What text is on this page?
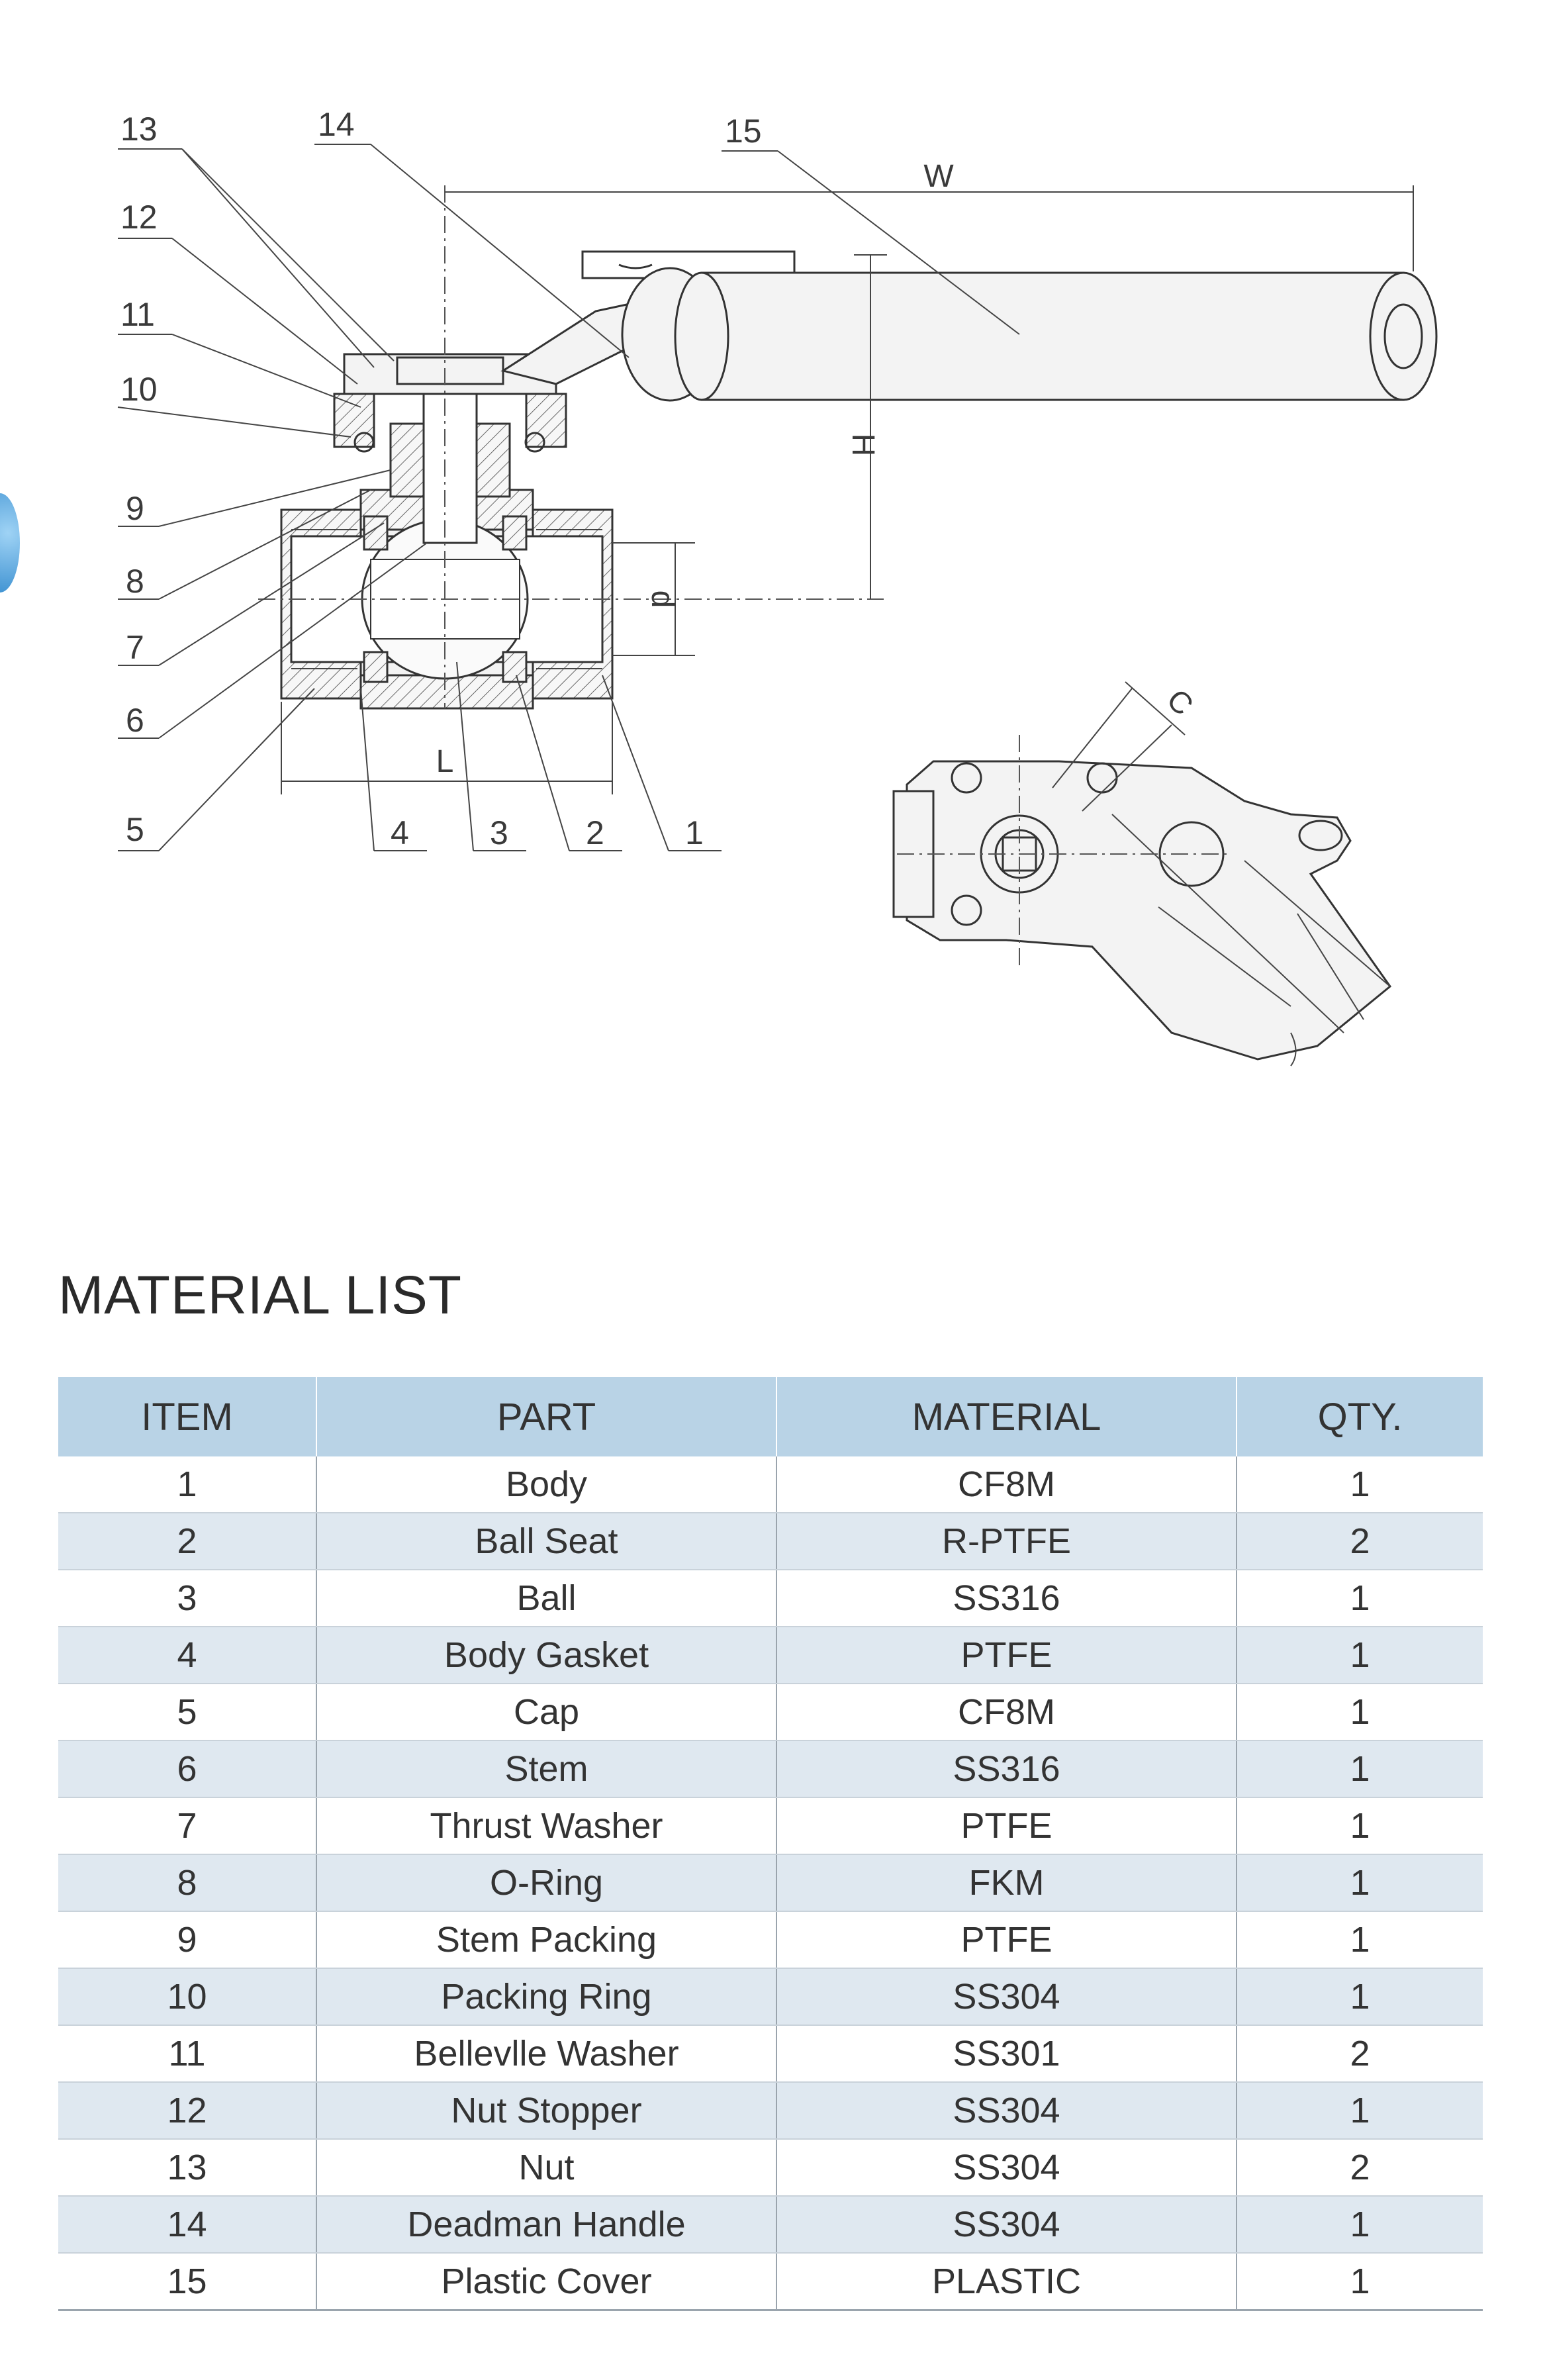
W
H
d
L
13	14	15
12
11
10
9
8
7
6
5	4 3 2 1
C
MATERIAL LIST
ITEM	PART	MATERIAL	QTY.
1	Body	CF8M	1
2	Ball Seat	R-PTFE	2
3	Ball	SS316	1
4	Body Gasket	PTFE	1
5	Cap	CF8M	1
6	Stem	SS316	1
7	Thrust Washer	PTFE	1
8	O-Ring	FKM	1
9	Stem Packing	PTFE	1
10	Packing Ring	SS304	1
11	Bellevlle Washer	SS301	2
12	Nut Stopper	SS304	1
13	Nut	SS304	2
14	Deadman Handle	SS304	1
15	Plastic Cover	PLASTIC	1
